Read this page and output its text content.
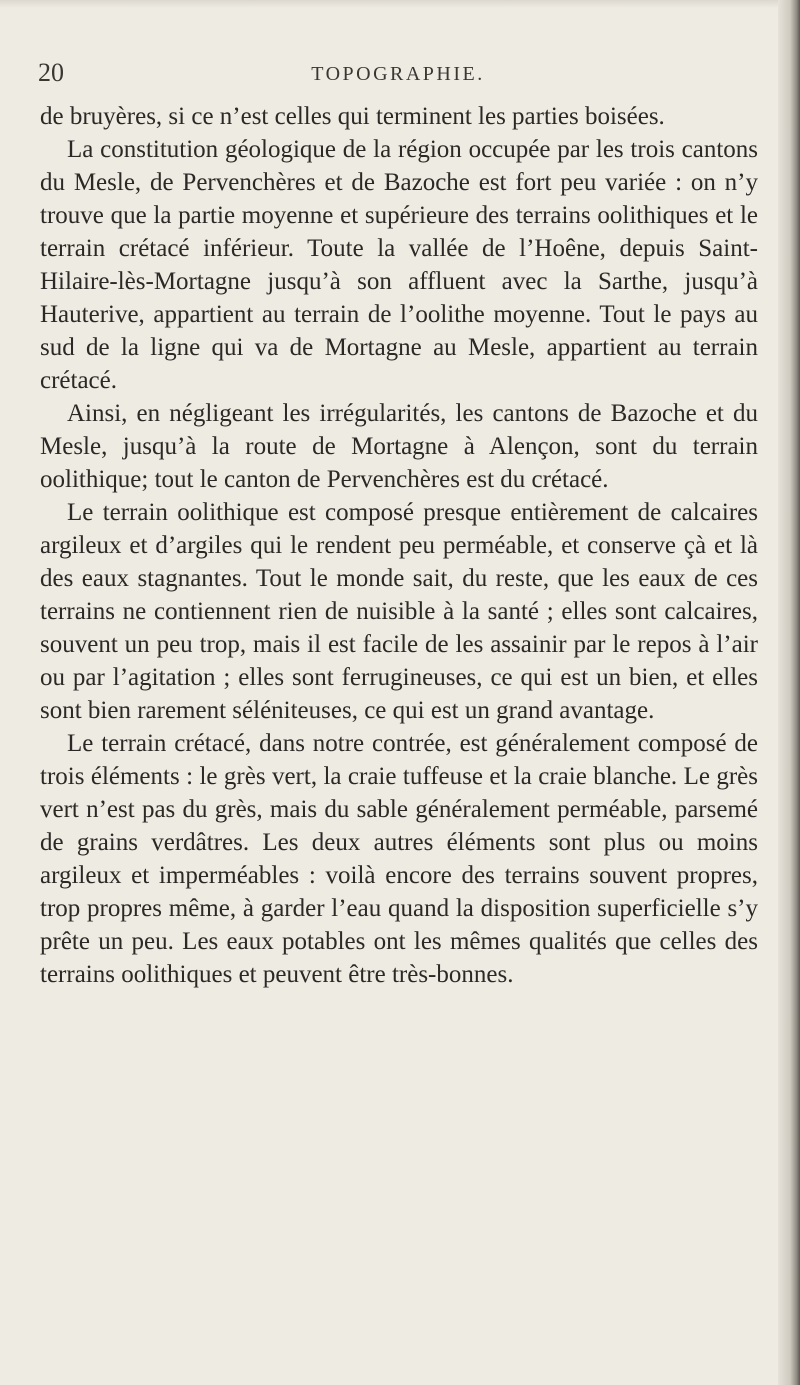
20	TOPOGRAPHIE.

de bruyères, si ce n’est celles qui terminent les parties boisées.

La constitution géologique de la région occupée par les trois cantons du Mesle, de Pervenchères et de Bazoche est fort peu variée : on n’y trouve que la partie moyenne et supérieure des terrains oolithiques et le terrain crétacé inférieur. Toute la vallée de l’Hoêne, depuis Saint-Hilaire-lès-Mortagne jusqu’à son affluent avec la Sarthe, jusqu’à Hauterive, appartient au terrain de l’oolithe moyenne. Tout le pays au sud de la ligne qui va de Mortagne au Mesle, appartient au terrain crétacé.

Ainsi, en négligeant les irrégularités, les cantons de Bazoche et du Mesle, jusqu’à la route de Mortagne à Alençon, sont du terrain oolithique; tout le canton de Pervenchères est du crétacé.

Le terrain oolithique est composé presque entièrement de calcaires argileux et d’argiles qui le rendent peu perméable, et conserve çà et là des eaux stagnantes. Tout le monde sait, du reste, que les eaux de ces terrains ne contiennent rien de nuisible à la santé ; elles sont calcaires, souvent un peu trop, mais il est facile de les assainir par le repos à l’air ou par l’agitation ; elles sont ferrugineuses, ce qui est un bien, et elles sont bien rarement séléniteuses, ce qui est un grand avantage.

Le terrain crétacé, dans notre contrée, est généralement composé de trois éléments : le grès vert, la craie tuffeuse et la craie blanche. Le grès vert n’est pas du grès, mais du sable généralement perméable, parsemé de grains verdâtres. Les deux autres éléments sont plus ou moins argileux et imperméables : voilà encore des terrains souvent propres, trop propres même, à garder l’eau quand la disposition superficielle s’y prête un peu. Les eaux potables ont les mêmes qualités que celles des terrains oolithiques et peuvent être très-bonnes.
